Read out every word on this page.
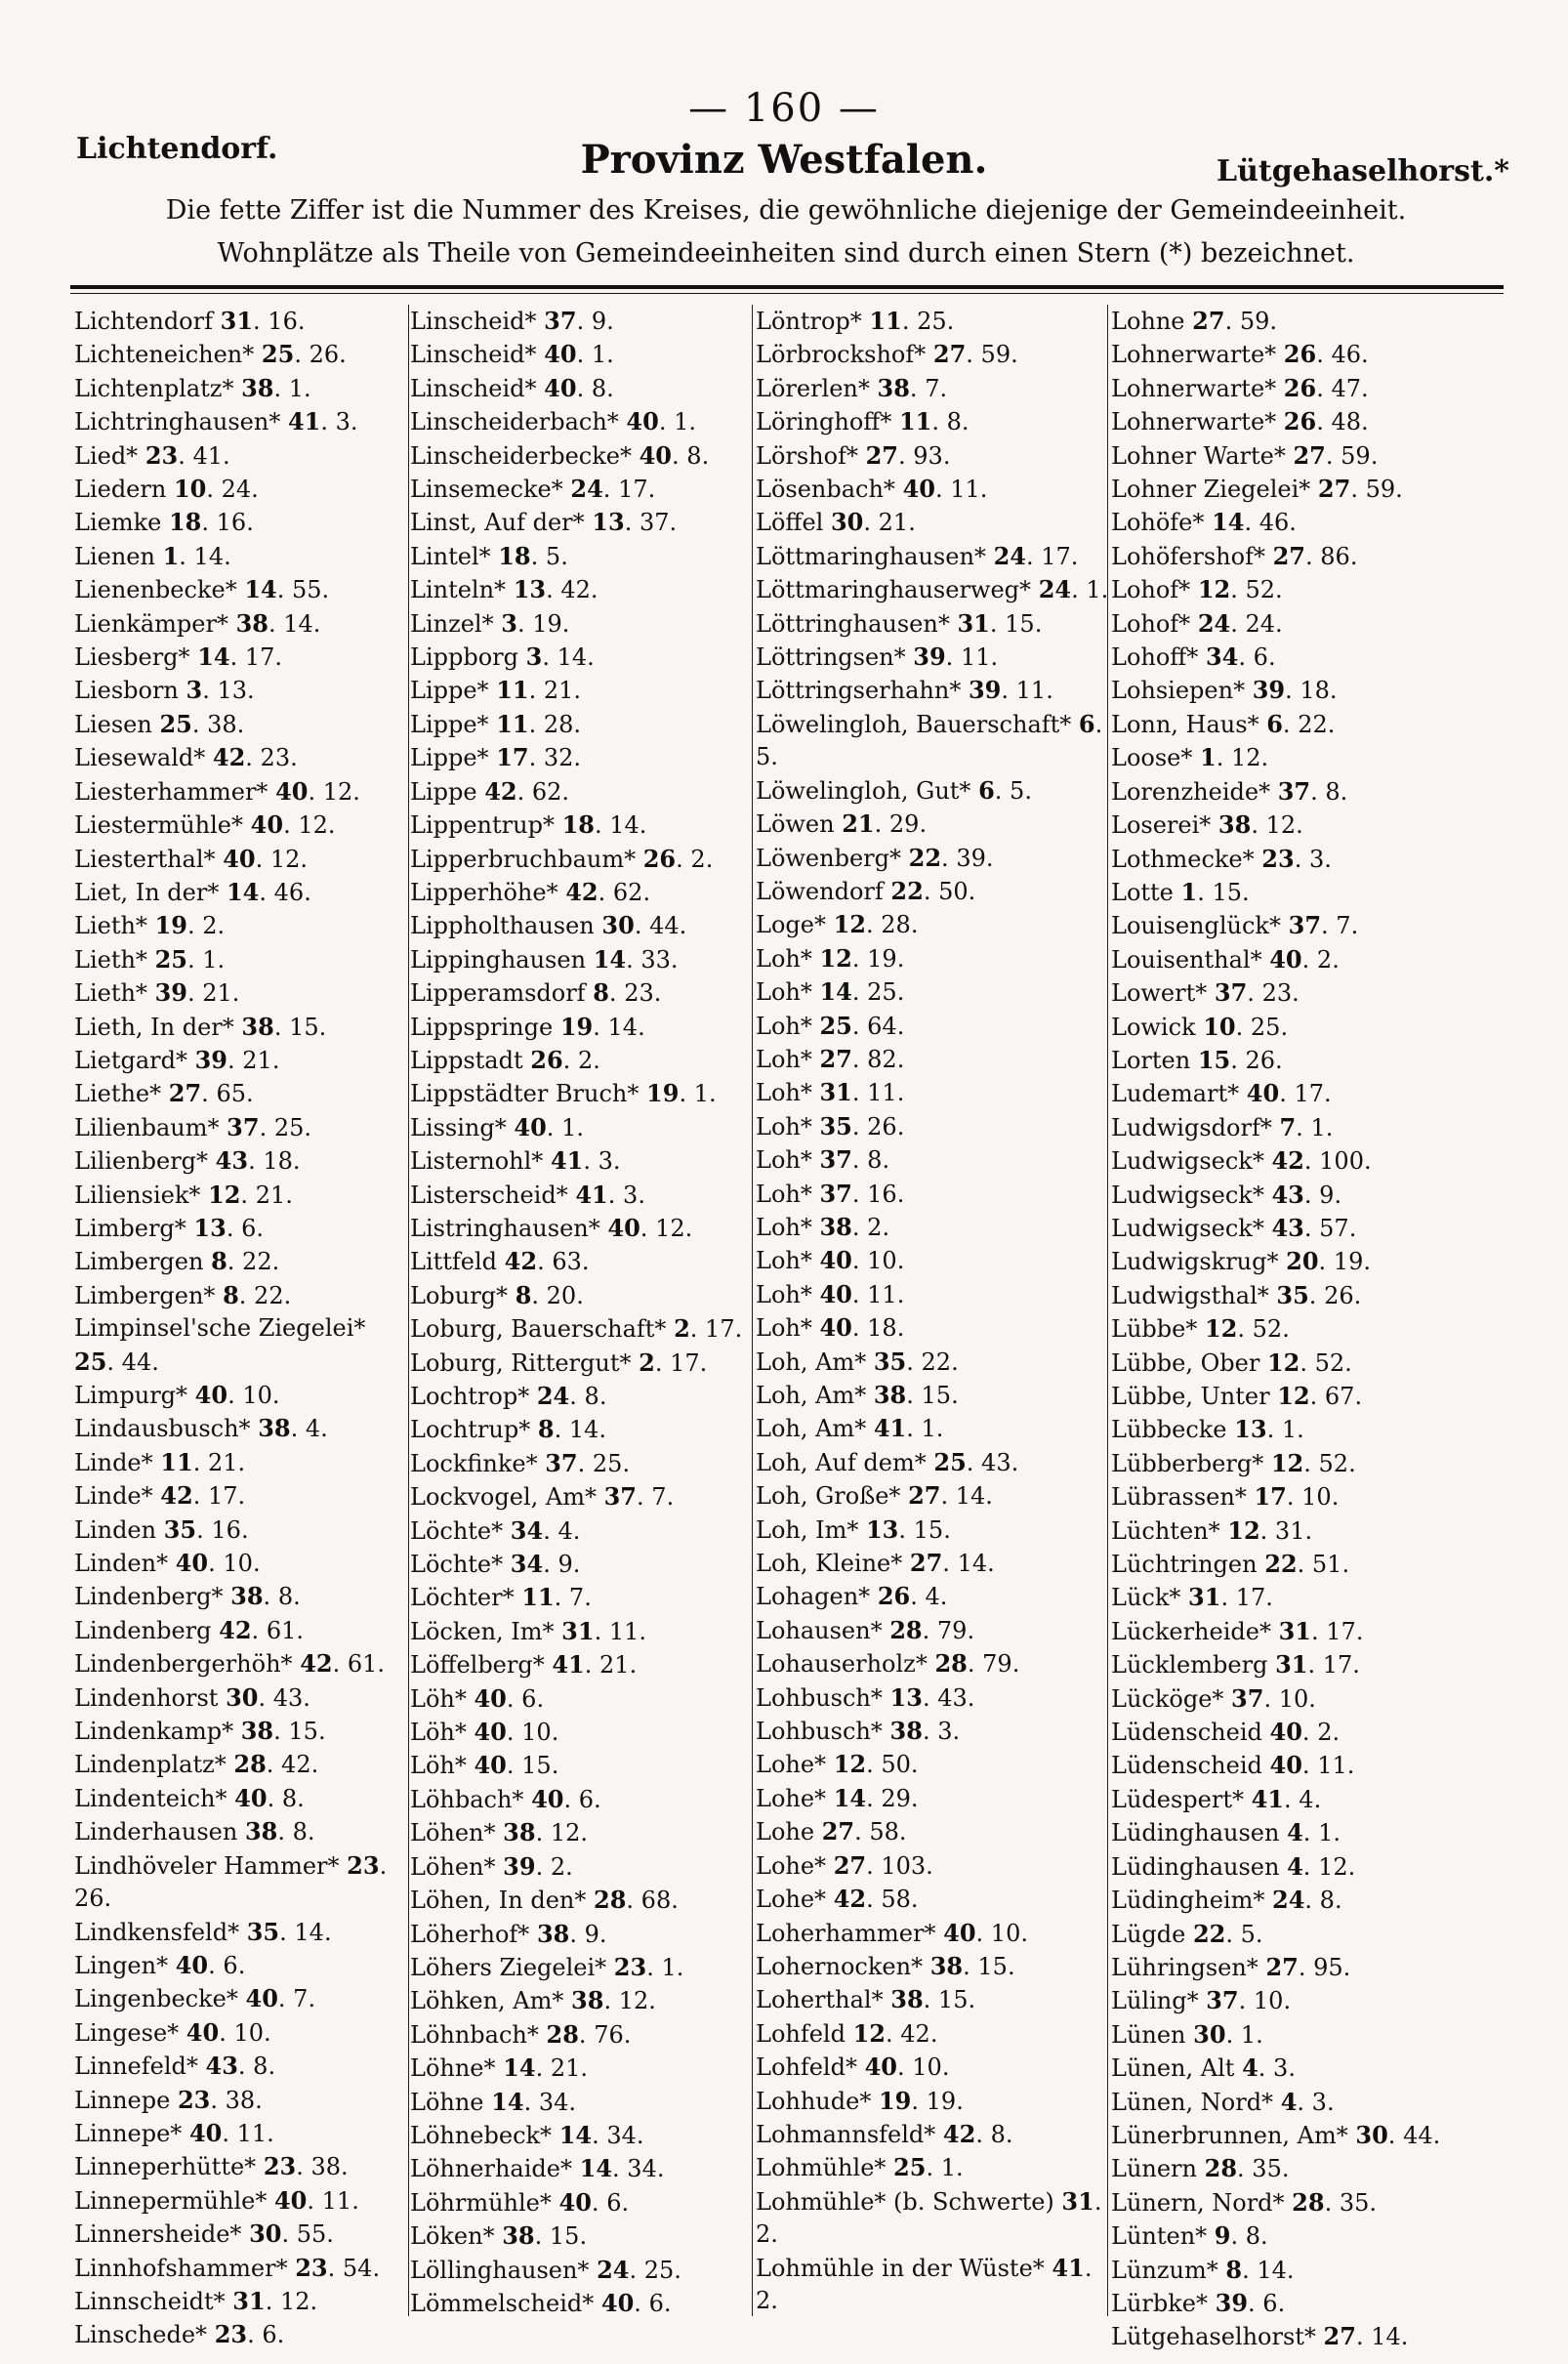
— 160 —
Lichtendorf.	Provinz Westfalen.	Lütgehaselhorst.*
Die fette Ziffer ist die Nummer des Kreises, die gewöhnliche diejenige der Gemeindeeinheit.
Wohnplätze als Theile von Gemeindeeinheiten sind durch einen Stern (*) bezeichnet.
Lichtendorf 31. 16.
Lichteneichen* 25. 26.
Lichtenplatz* 38. 1.
Lichtringhausen* 41. 3.
Lied* 23. 41.
Liedern 10. 24.
Liemke 18. 16.
Lienen 1. 14.
Lienenbecke* 14. 55.
Lienkämper* 38. 14.
Liesberg* 14. 17.
Liesborn 3. 13.
Liesen 25. 38.
Liesewald* 42. 23.
Liesterhammer* 40. 12.
Liestermühle* 40. 12.
Liesterthal* 40. 12.
Liet, In der* 14. 46.
Lieth* 19. 2.
Lieth* 25. 1.
Lieth* 39. 21.
Lieth, In der* 38. 15.
Lietgard* 39. 21.
Liethe* 27. 65.
Lilienbaum* 37. 25.
Lilienberg* 43. 18.
Liliensiek* 12. 21.
Limberg* 13. 6.
Limbergen 8. 22.
Limbergen* 8. 22.
Limpinsel'sche Ziegelei* 25. 44.
Limpurg* 40. 10.
Lindausbusch* 38. 4.
Linde* 11. 21.
Linde* 42. 17.
Linden 35. 16.
Linden* 40. 10.
Lindenberg* 38. 8.
Lindenberg 42. 61.
Lindenbergerhöh* 42. 61.
Lindenhorst 30. 43.
Lindenkamp* 38. 15.
Lindenplatz* 28. 42.
Lindenteich* 40. 8.
Linderhausen 38. 8.
Lindhöveler Hammer* 23. 26.
Lindkensfeld* 35. 14.
Lingen* 40. 6.
Lingenbecke* 40. 7.
Lingese* 40. 10.
Linnefeld* 43. 8.
Linnepe 23. 38.
Linnepe* 40. 11.
Linneperhütte* 23. 38.
Linnepermühle* 40. 11.
Linnersheide* 30. 55.
Linnhofshammer* 23. 54.
Linnscheidt* 31. 12.
Linschede* 23. 6.
Linscheid* 37. 9.
Linscheid* 40. 1.
Linscheid* 40. 8.
Linscheiderbach* 40. 1.
Linscheiderbecke* 40. 8.
Linsemecke* 24. 17.
Linst, Auf der* 13. 37.
Lintel* 18. 5.
Linteln* 13. 42.
Linzel* 3. 19.
Lippborg 3. 14.
Lippe* 11. 21.
Lippe* 11. 28.
Lippe* 17. 32.
Lippe 42. 62.
Lippentrup* 18. 14.
Lipperbruchbaum* 26. 2.
Lipperhöhe* 42. 62.
Lippholthausen 30. 44.
Lippinghausen 14. 33.
Lipperamsdorf 8. 23.
Lippspringe 19. 14.
Lippstadt 26. 2.
Lippstädter Bruch* 19. 1.
Lissing* 40. 1.
Listernohl* 41. 3.
Listerscheid* 41. 3.
Listringhausen* 40. 12.
Littfeld 42. 63.
Loburg* 8. 20.
Loburg, Bauerschaft* 2. 17.
Loburg, Rittergut* 2. 17.
Lochtrop* 24. 8.
Lochtrup* 8. 14.
Lockfinke* 37. 25.
Lockvogel, Am* 37. 7.
Löchte* 34. 4.
Löchte* 34. 9.
Löchter* 11. 7.
Löcken, Im* 31. 11.
Löffelberg* 41. 21.
Löh* 40. 6.
Löh* 40. 10.
Löh* 40. 15.
Löhbach* 40. 6.
Löhen* 38. 12.
Löhen* 39. 2.
Löhen, In den* 28. 68.
Löherhof* 38. 9.
Löhers Ziegelei* 23. 1.
Löhken, Am* 38. 12.
Löhnbach* 28. 76.
Löhne* 14. 21.
Löhne 14. 34.
Löhnebeck* 14. 34.
Löhnerhaide* 14. 34.
Löhrmühle* 40. 6.
Löken* 38. 15.
Löllinghausen* 24. 25.
Lömmelscheid* 40. 6.
Löntrop* 11. 25.
Lörbrockshof* 27. 59.
Lörerlen* 38. 7.
Löringhoff* 11. 8.
Lörshof* 27. 93.
Lösenbach* 40. 11.
Löffel 30. 21.
Löttmaringhausen* 24. 17.
Löttmaringhauserweg* 24. 1.
Löttringhausen* 31. 15.
Löttringsen* 39. 11.
Löttringserhahn* 39. 11.
Löwelingloh, Bauerschaft* 6. 5.
Löwelingloh, Gut* 6. 5.
Löwen 21. 29.
Löwenberg* 22. 39.
Löwendorf 22. 50.
Loge* 12. 28.
Loh* 12. 19.
Loh* 14. 25.
Loh* 25. 64.
Loh* 27. 82.
Loh* 31. 11.
Loh* 35. 26.
Loh* 37. 8.
Loh* 37. 16.
Loh* 38. 2.
Loh* 40. 10.
Loh* 40. 11.
Loh* 40. 18.
Loh, Am* 35. 22.
Loh, Am* 38. 15.
Loh, Am* 41. 1.
Loh, Auf dem* 25. 43.
Loh, Große* 27. 14.
Loh, Im* 13. 15.
Loh, Kleine* 27. 14.
Lohagen* 26. 4.
Lohausen* 28. 79.
Lohauserholz* 28. 79.
Lohbusch* 13. 43.
Lohbusch* 38. 3.
Lohe* 12. 50.
Lohe* 14. 29.
Lohe 27. 58.
Lohe* 27. 103.
Lohe* 42. 58.
Loherhammer* 40. 10.
Lohernocken* 38. 15.
Loherthal* 38. 15.
Lohfeld 12. 42.
Lohfeld* 40. 10.
Lohhude* 19. 19.
Lohmannsfeld* 42. 8.
Lohmühle* 25. 1.
Lohmühle* (b. Schwerte) 31. 2.
Lohmühle in der Wüste* 41. 2.
Lohne 27. 59.
Lohnerwarte* 26. 46.
Lohnerwarte* 26. 47.
Lohnerwarte* 26. 48.
Lohner Warte* 27. 59.
Lohner Ziegelei* 27. 59.
Lohöfe* 14. 46.
Lohöfershof* 27. 86.
Lohof* 12. 52.
Lohof* 24. 24.
Lohoff* 34. 6.
Lohsiepen* 39. 18.
Lonn, Haus* 6. 22.
Loose* 1. 12.
Lorenzheide* 37. 8.
Loserei* 38. 12.
Lothmecke* 23. 3.
Lotte 1. 15.
Louisenglück* 37. 7.
Louisenthal* 40. 2.
Lowert* 37. 23.
Lowick 10. 25.
Lorten 15. 26.
Ludemart* 40. 17.
Ludwigsdorf* 7. 1.
Ludwigseck* 42. 100.
Ludwigseck* 43. 9.
Ludwigseck* 43. 57.
Ludwigskrug* 20. 19.
Ludwigsthal* 35. 26.
Lübbe* 12. 52.
Lübbe, Ober 12. 52.
Lübbe, Unter 12. 67.
Lübbecke 13. 1.
Lübberberg* 12. 52.
Lübrassen* 17. 10.
Lüchten* 12. 31.
Lüchtringen 22. 51.
Lück* 31. 17.
Lückerheide* 31. 17.
Lücklemberg 31. 17.
Lücköge* 37. 10.
Lüdenscheid 40. 2.
Lüdenscheid 40. 11.
Lüdespert* 41. 4.
Lüdinghausen 4. 1.
Lüdinghausen 4. 12.
Lüdingheim* 24. 8.
Lügde 22. 5.
Lühringsen* 27. 95.
Lüling* 37. 10.
Lünen 30. 1.
Lünen, Alt 4. 3.
Lünen, Nord* 4. 3.
Lünerbrunnen, Am* 30. 44.
Lünern 28. 35.
Lünern, Nord* 28. 35.
Lünten* 9. 8.
Lünzum* 8. 14.
Lürbke* 39. 6.
Lütgehaselhorst* 27. 14.
